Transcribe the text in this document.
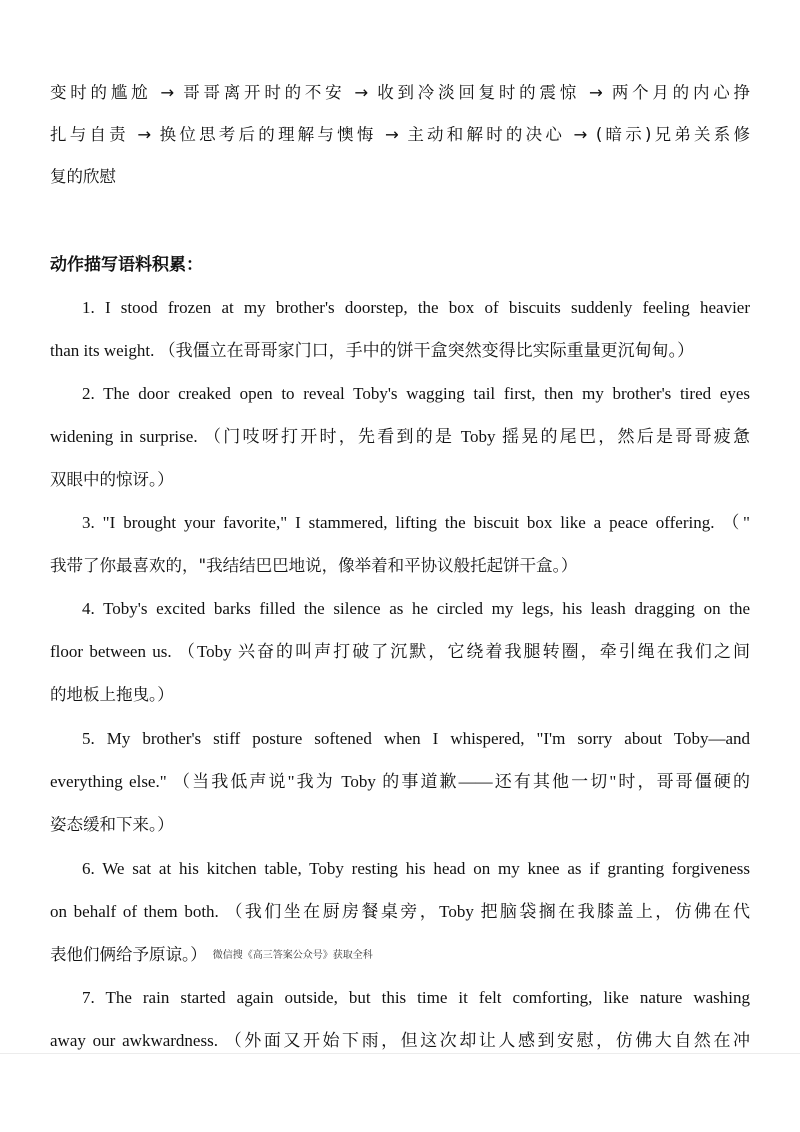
变时的尴尬 → 哥哥离开时的不安 → 收到冷淡回复时的震惊 → 两个月的内心挣
扎与自责 → 换位思考后的理解与懊悔 → 主动和解时的决心 → (暗示)兄弟关系修
复的欣慰
动作描写语料积累：
1. I stood frozen at my brother's doorstep, the box of biscuits suddenly feeling heavier
than its weight. （我僵立在哥哥家门口，手中的饼干盒突然变得比实际重量更沉甸甸。）
2. The door creaked open to reveal Toby's wagging tail first, then my brother's tired eyes
widening in surprise. （门吱呀打开时，先看到的是 Toby 摇晃的尾巴，然后是哥哥疲惫
双眼中的惊讶。）
3. "I brought your favorite," I stammered, lifting the biscuit box like a peace offering. （"
我带了你最喜欢的，"我结结巴巴地说，像举着和平协议般托起饼干盒。）
4. Toby's excited barks filled the silence as he circled my legs, his leash dragging on the
floor between us. （Toby 兴奋的叫声打破了沉默，它绕着我腿转圈，牵引绳在我们之间
的地板上拖曳。）
5. My brother's stiff posture softened when I whispered, "I'm sorry about Toby—and
everything else." （当我低声说"我为 Toby 的事道歉——还有其他一切"时，哥哥僵硬的
姿态缓和下来。）
6. We sat at his kitchen table, Toby resting his head on my knee as if granting forgiveness
on behalf of them both. （我们坐在厨房餐桌旁，Toby 把脑袋搁在我膝盖上，仿佛在代
表他们俩给予原谅。） 微信搜《高三答案公众号》获取全科
7. The rain started again outside, but this time it felt comforting, like nature washing
away our awkwardness. （外面又开始下雨，但这次却让人感到安慰，仿佛大自然在冲
